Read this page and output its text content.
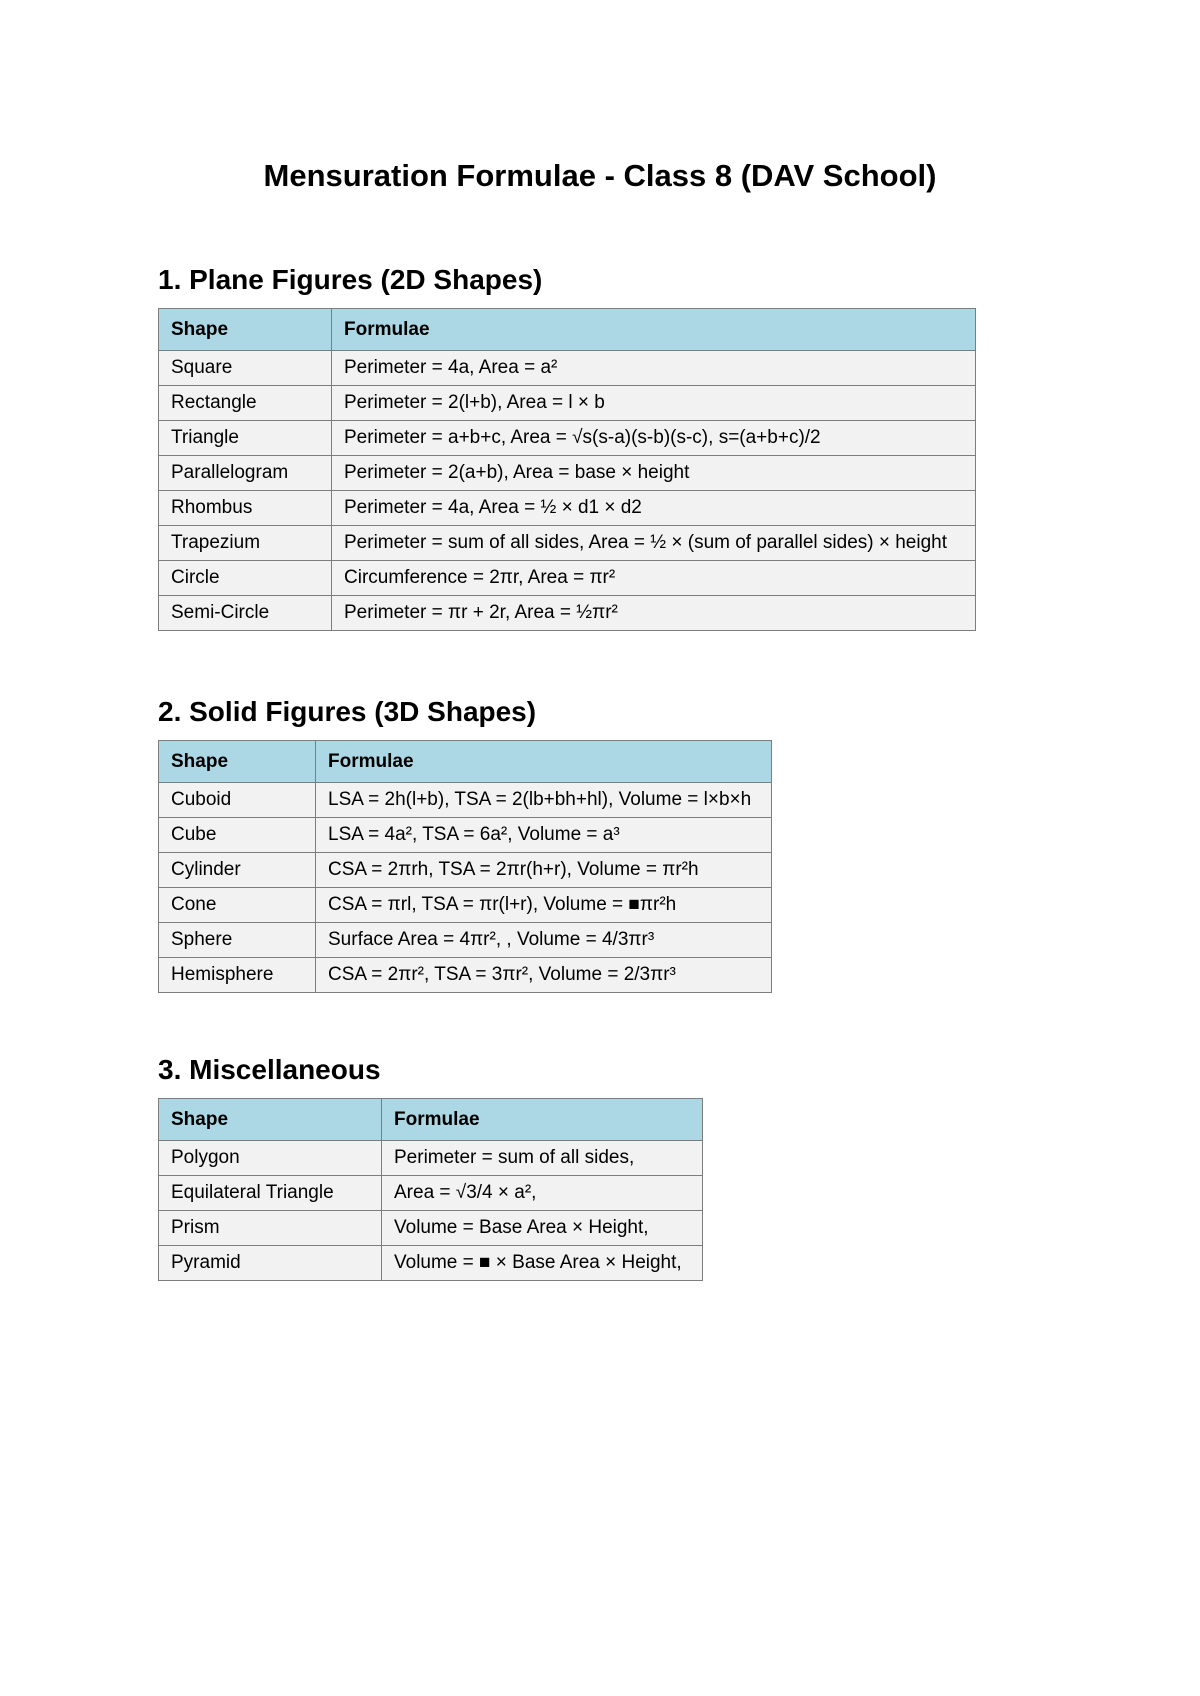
Mensuration Formulae - Class 8 (DAV School)
1. Plane Figures (2D Shapes)
Shape	Formulae
Square	Perimeter = 4a, Area = a²
Rectangle	Perimeter = 2(l+b), Area = l × b
Triangle	Perimeter = a+b+c, Area = √s(s-a)(s-b)(s-c), s=(a+b+c)/2
Parallelogram	Perimeter = 2(a+b), Area = base × height
Rhombus	Perimeter = 4a, Area = ½ × d1 × d2
Trapezium	Perimeter = sum of all sides, Area = ½ × (sum of parallel sides) × height
Circle	Circumference = 2πr, Area = πr²
Semi-Circle	Perimeter = πr + 2r, Area = ½πr²
2. Solid Figures (3D Shapes)
Shape	Formulae
Cuboid	LSA = 2h(l+b), TSA = 2(lb+bh+hl), Volume = l×b×h
Cube	LSA = 4a², TSA = 6a², Volume = a³
Cylinder	CSA = 2πrh, TSA = 2πr(h+r), Volume = πr²h
Cone	CSA = πrl, TSA = πr(l+r), Volume = ■πr²h
Sphere	Surface Area = 4πr², , Volume = 4/3πr³
Hemisphere	CSA = 2πr², TSA = 3πr², Volume = 2/3πr³
3. Miscellaneous
Shape	Formulae
Polygon	Perimeter = sum of all sides,
Equilateral Triangle	Area = √3/4 × a²,
Prism	Volume = Base Area × Height,
Pyramid	Volume = ■ × Base Area × Height,
